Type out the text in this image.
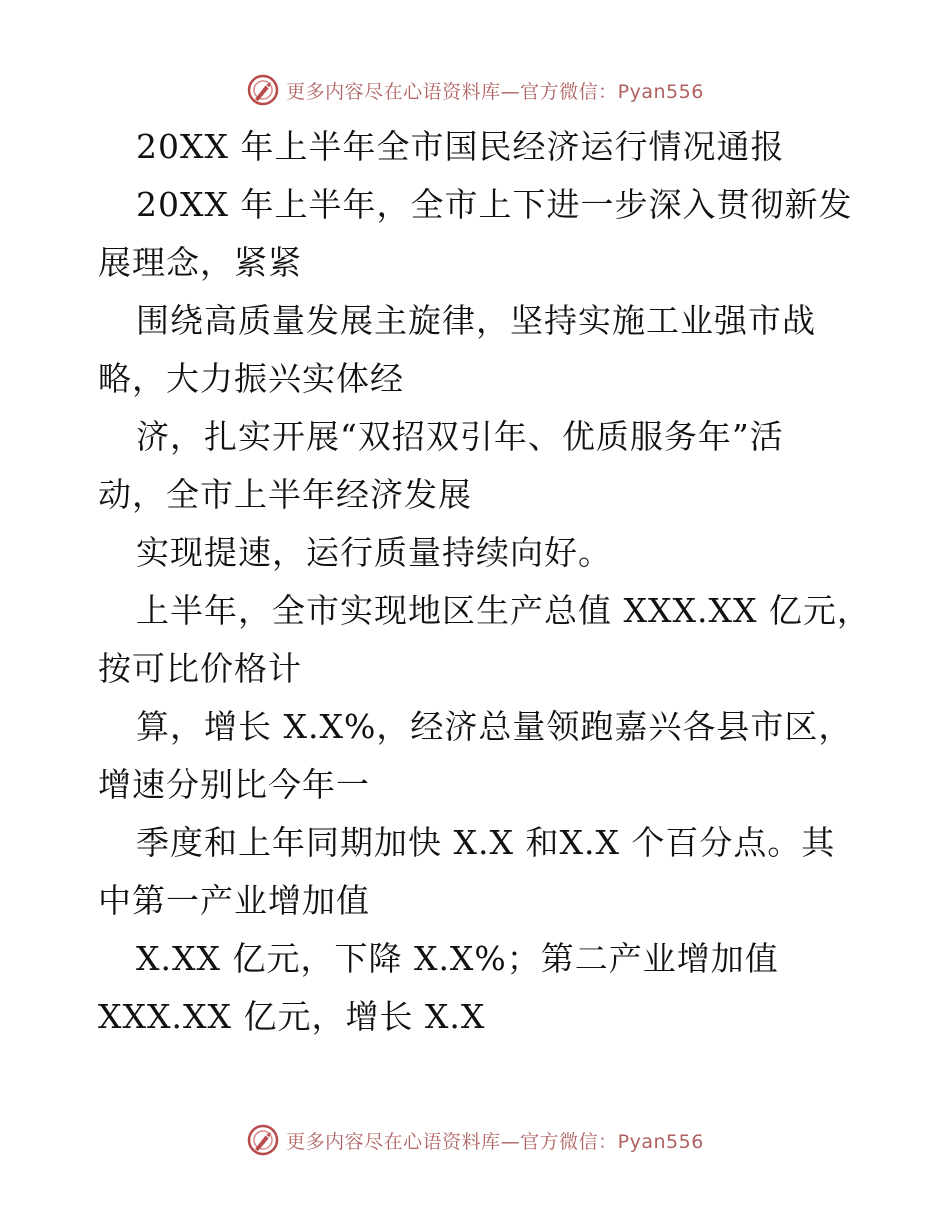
更多内容尽在心语资料库—官方微信：Pyan556
20XX 年上半年全市国民经济运行情况通报
20XX 年上半年，全市上下进一步深入贯彻新发
展理念，紧紧
围绕高质量发展主旋律，坚持实施工业强市战
略，大力振兴实体经
济，扎实开展“双招双引年、优质服务年”活
动，全市上半年经济发展
实现提速，运行质量持续向好。
上半年，全市实现地区生产总值 XXX.XX 亿元，
按可比价格计
算，增长 X.X%，经济总量领跑嘉兴各县市区，
增速分别比今年一
季度和上年同期加快 X.X 和X.X 个百分点。其
中第一产业增加值
X.XX 亿元，下降 X.X%；第二产业增加值
XXX.XX 亿元，增长 X.X
更多内容尽在心语资料库—官方微信：Pyan556
